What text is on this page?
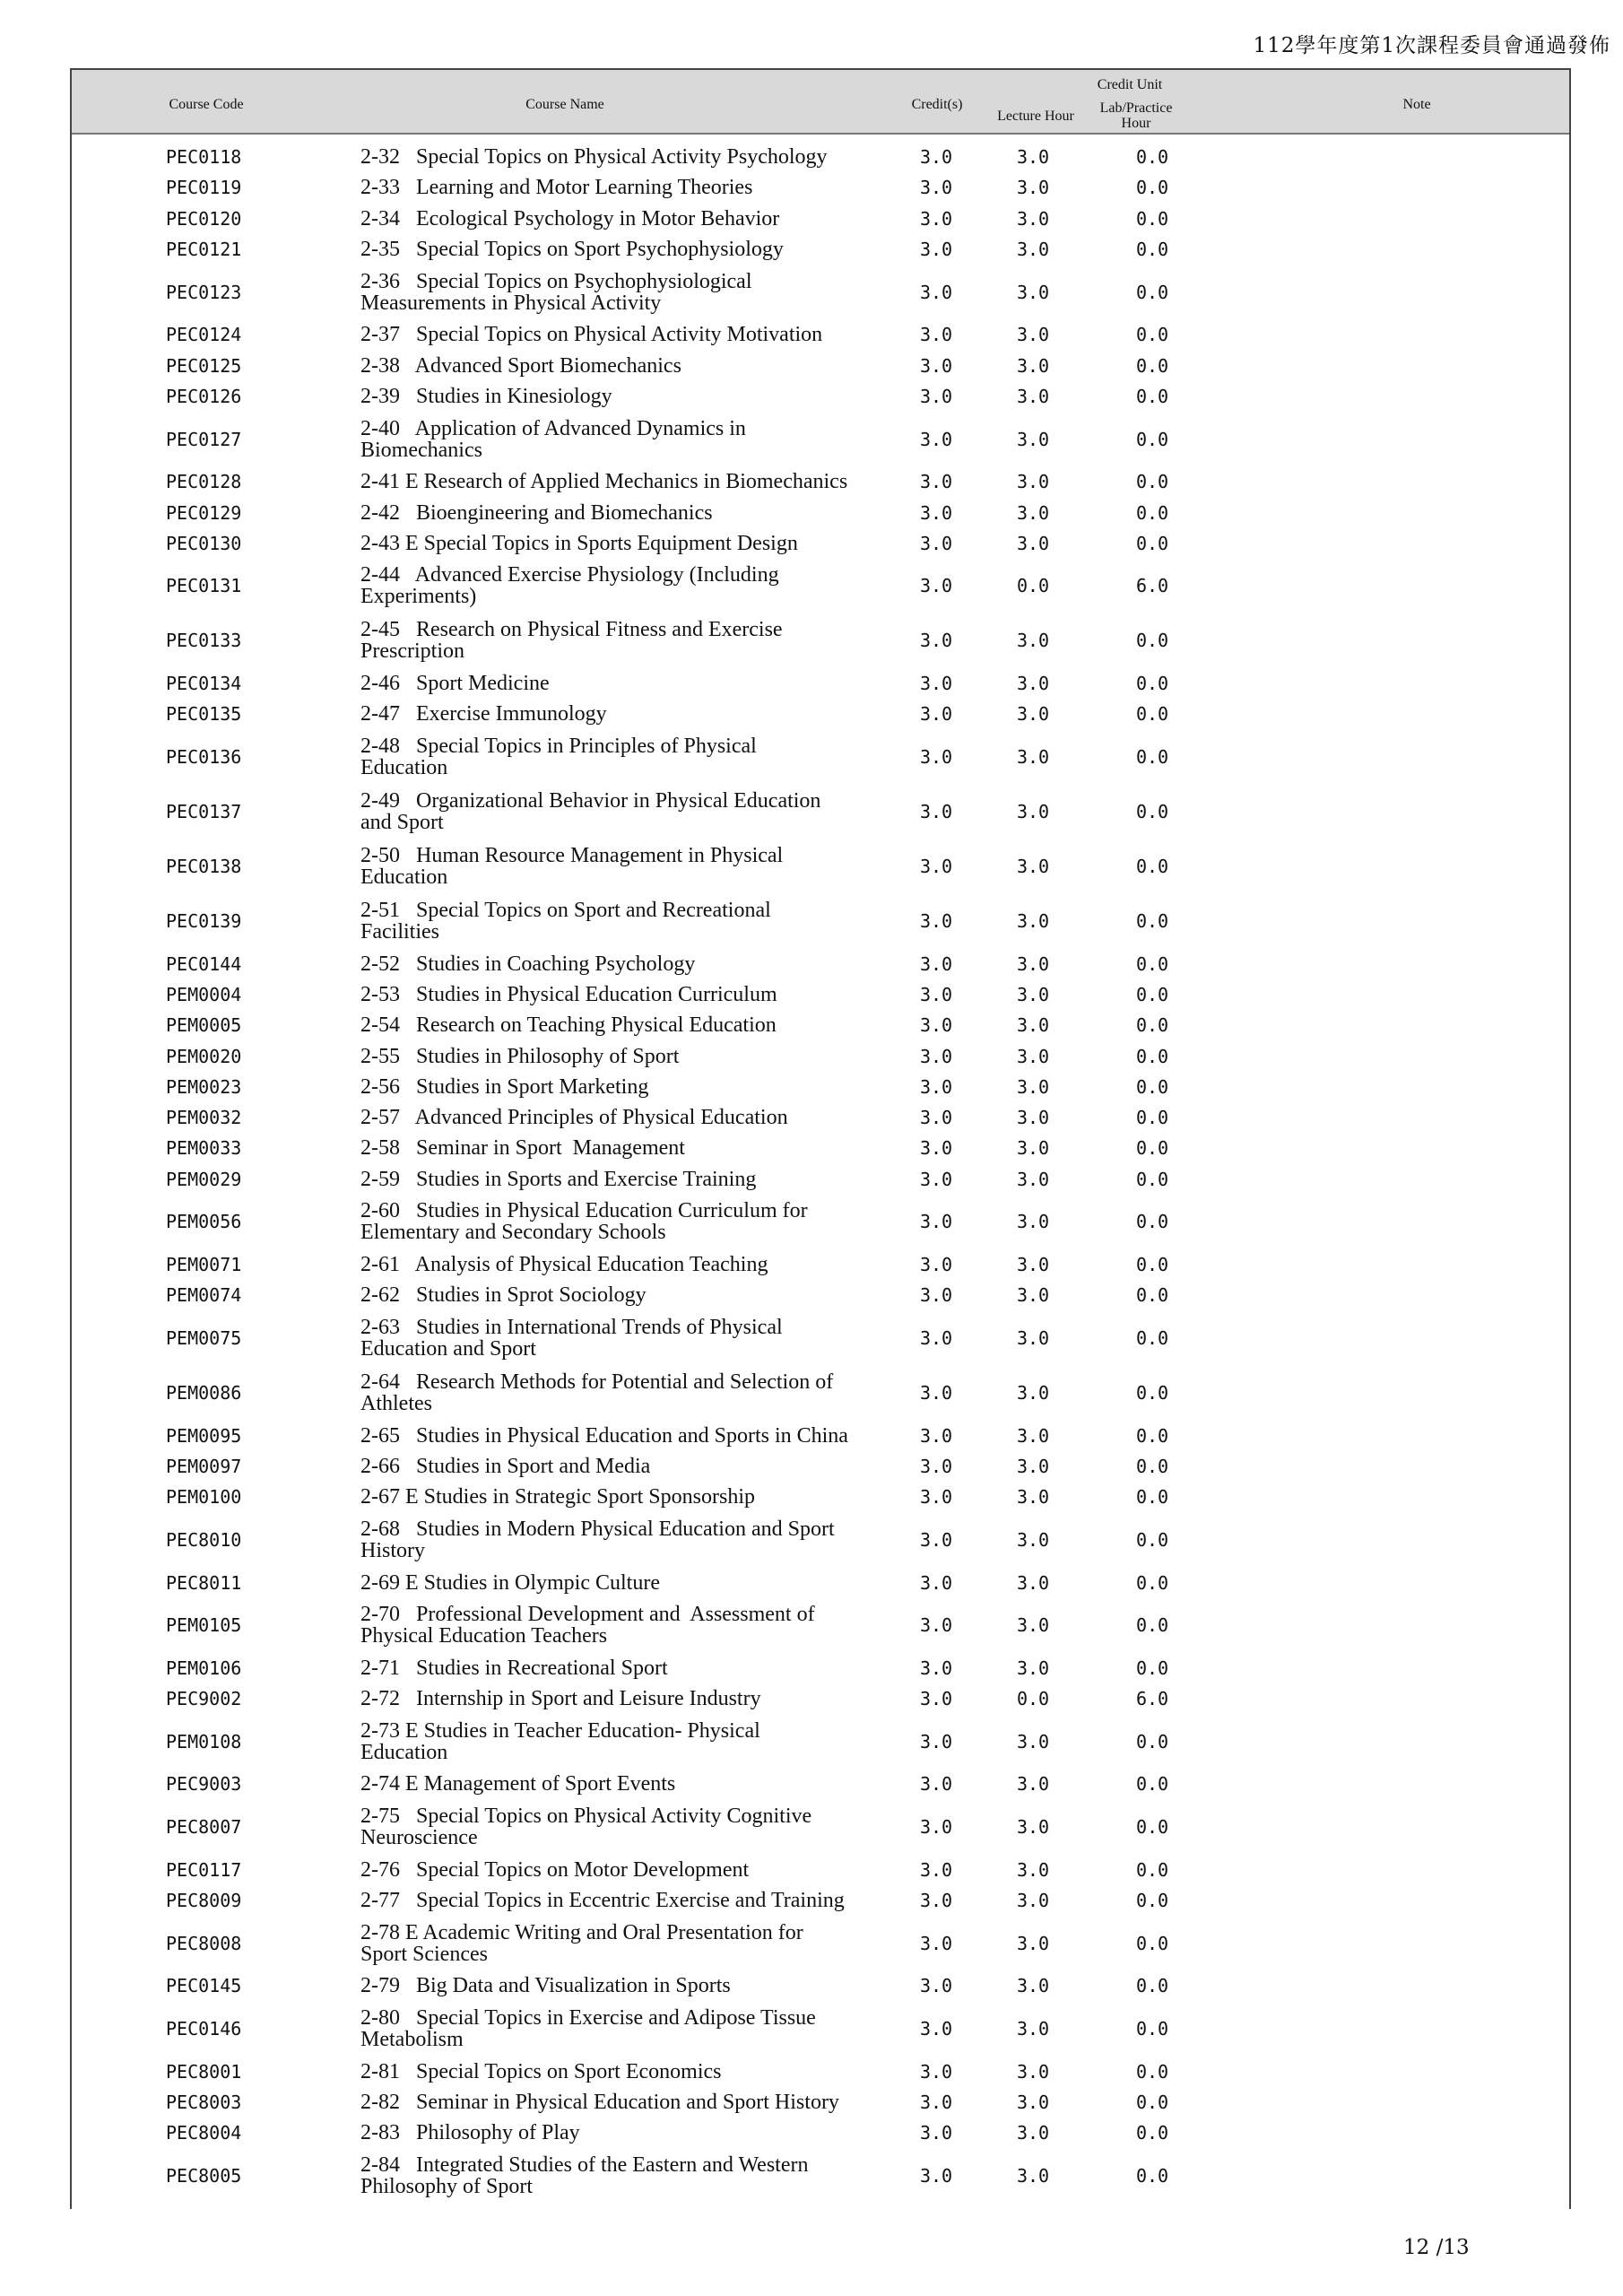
112學年度第1次課程委員會通過發佈
Course Code	Course Name	Credit(s)
Credit Unit
Lecture Hour
Lab/Practice Hour
Note
PEC0118	2-32   Special Topics on Physical Activity Psychology	3.0	3.0	0.0
PEC0119	2-33   Learning and Motor Learning Theories	3.0	3.0	0.0
PEC0120	2-34   Ecological Psychology in Motor Behavior	3.0	3.0	0.0
PEC0121	2-35   Special Topics on Sport Psychophysiology	3.0	3.0	0.0
PEC0123	2-36   Special Topics on Psychophysiological
Measurements in Physical Activity	3.0	3.0	0.0
PEC0124	2-37   Special Topics on Physical Activity Motivation	3.0	3.0	0.0
PEC0125	2-38   Advanced Sport Biomechanics	3.0	3.0	0.0
PEC0126	2-39   Studies in Kinesiology	3.0	3.0	0.0
PEC0127	2-40   Application of Advanced Dynamics in
Biomechanics	3.0	3.0	0.0
PEC0128	2-41 E Research of Applied Mechanics in Biomechanics	3.0	3.0	0.0
PEC0129	2-42   Bioengineering and Biomechanics	3.0	3.0	0.0
PEC0130	2-43 E Special Topics in Sports Equipment Design	3.0	3.0	0.0
PEC0131	2-44   Advanced Exercise Physiology (Including
Experiments)	3.0	0.0	6.0
PEC0133	2-45   Research on Physical Fitness and Exercise
Prescription	3.0	3.0	0.0
PEC0134	2-46   Sport Medicine	3.0	3.0	0.0
PEC0135	2-47   Exercise Immunology	3.0	3.0	0.0
PEC0136	2-48   Special Topics in Principles of Physical
Education	3.0	3.0	0.0
PEC0137	2-49   Organizational Behavior in Physical Education
and Sport	3.0	3.0	0.0
PEC0138	2-50   Human Resource Management in Physical
Education	3.0	3.0	0.0
PEC0139	2-51   Special Topics on Sport and Recreational
Facilities	3.0	3.0	0.0
PEC0144	2-52   Studies in Coaching Psychology	3.0	3.0	0.0
PEM0004	2-53   Studies in Physical Education Curriculum	3.0	3.0	0.0
PEM0005	2-54   Research on Teaching Physical Education	3.0	3.0	0.0
PEM0020	2-55   Studies in Philosophy of Sport	3.0	3.0	0.0
PEM0023	2-56   Studies in Sport Marketing	3.0	3.0	0.0
PEM0032	2-57   Advanced Principles of Physical Education	3.0	3.0	0.0
PEM0033	2-58   Seminar in Sport  Management	3.0	3.0	0.0
PEM0029	2-59   Studies in Sports and Exercise Training	3.0	3.0	0.0
PEM0056	2-60   Studies in Physical Education Curriculum for
Elementary and Secondary Schools	3.0	3.0	0.0
PEM0071	2-61   Analysis of Physical Education Teaching	3.0	3.0	0.0
PEM0074	2-62   Studies in Sprot Sociology	3.0	3.0	0.0
PEM0075	2-63   Studies in International Trends of Physical
Education and Sport	3.0	3.0	0.0
PEM0086	2-64   Research Methods for Potential and Selection of
Athletes	3.0	3.0	0.0
PEM0095	2-65   Studies in Physical Education and Sports in China	3.0	3.0	0.0
PEM0097	2-66   Studies in Sport and Media	3.0	3.0	0.0
PEM0100	2-67 E Studies in Strategic Sport Sponsorship	3.0	3.0	0.0
PEC8010	2-68   Studies in Modern Physical Education and Sport
History	3.0	3.0	0.0
PEC8011	2-69 E Studies in Olympic Culture	3.0	3.0	0.0
PEM0105	2-70   Professional Development and  Assessment of
Physical Education Teachers	3.0	3.0	0.0
PEM0106	2-71   Studies in Recreational Sport	3.0	3.0	0.0
PEC9002	2-72   Internship in Sport and Leisure Industry	3.0	0.0	6.0
PEM0108	2-73 E Studies in Teacher Education- Physical
Education	3.0	3.0	0.0
PEC9003	2-74 E Management of Sport Events	3.0	3.0	0.0
PEC8007	2-75   Special Topics on Physical Activity Cognitive
Neuroscience	3.0	3.0	0.0
PEC0117	2-76   Special Topics on Motor Development	3.0	3.0	0.0
PEC8009	2-77   Special Topics in Eccentric Exercise and Training	3.0	3.0	0.0
PEC8008	2-78 E Academic Writing and Oral Presentation for
Sport Sciences	3.0	3.0	0.0
PEC0145	2-79   Big Data and Visualization in Sports	3.0	3.0	0.0
PEC0146	2-80   Special Topics in Exercise and Adipose Tissue
Metabolism	3.0	3.0	0.0
PEC8001	2-81   Special Topics on Sport Economics	3.0	3.0	0.0
PEC8003	2-82   Seminar in Physical Education and Sport History	3.0	3.0	0.0
PEC8004	2-83   Philosophy of Play	3.0	3.0	0.0
PEC8005	2-84   Integrated Studies of the Eastern and Western
Philosophy of Sport	3.0	3.0	0.0
12 /13
